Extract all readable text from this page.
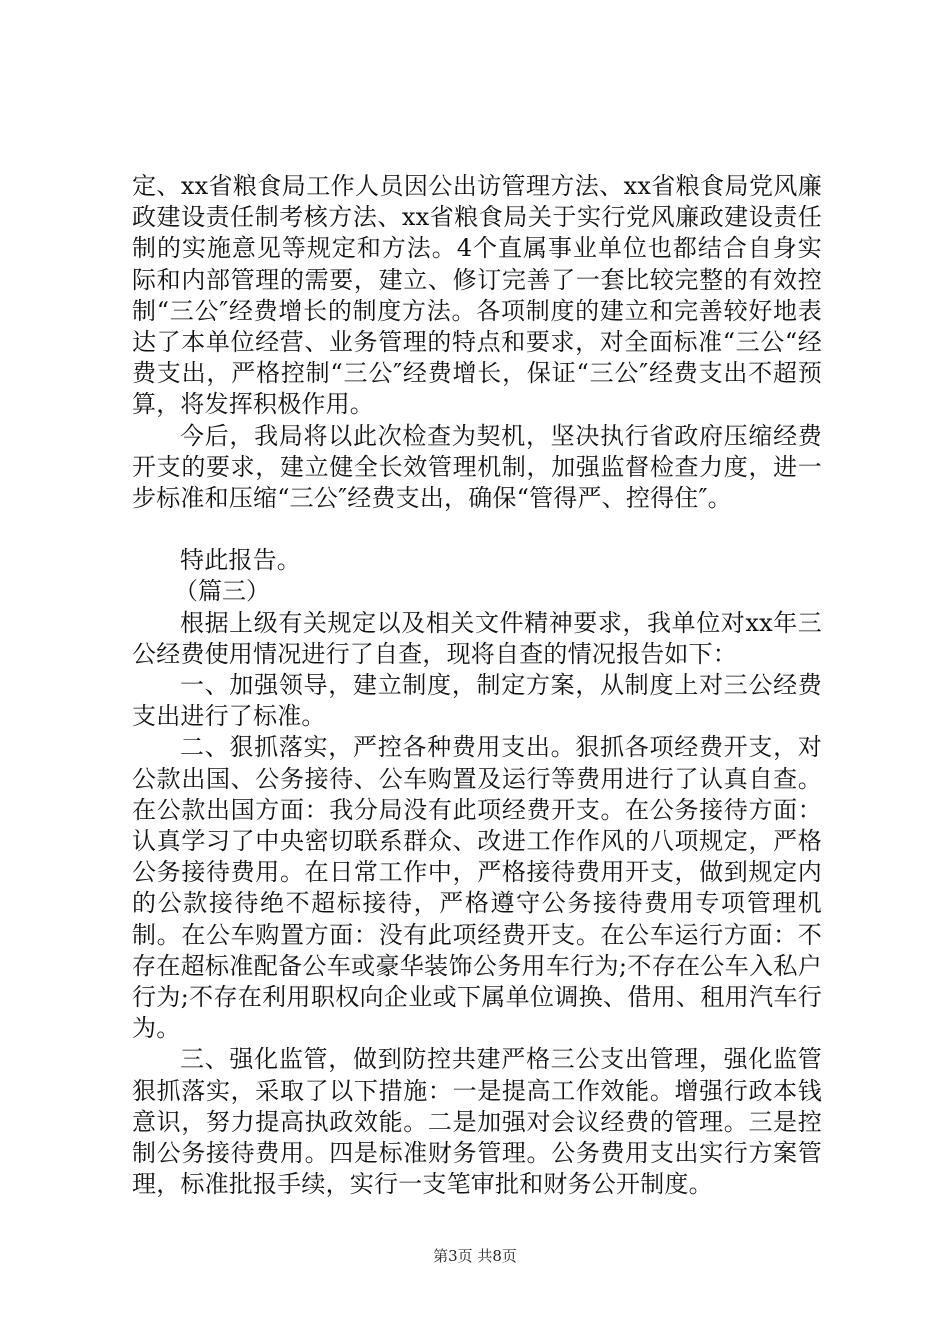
定、xx省粮食局工作人员因公出访管理方法、xx省粮食局党风廉政建设责任制考核方法、xx省粮食局关于实行党风廉政建设责任制的实施意见等规定和方法。4个直属事业单位也都结合自身实际和内部管理的需要，建立、修订完善了一套比较完整的有效控制“三公″经费增长的制度方法。各项制度的建立和完善较好地表达了本单位经营、业务管理的特点和要求，对全面标准“三公“经费支出，严格控制“三公″经费增长，保证“三公″经费支出不超预算，将发挥积极作用。

今后，我局将以此次检查为契机，坚决执行省政府压缩经费开支的要求，建立健全长效管理机制，加强监督检查力度，进一步标准和压缩“三公″经费支出，确保“管得严、控得住″。

特此报告。

（篇三）

根据上级有关规定以及相关文件精神要求，我单位对xx年三公经费使用情况进行了自查，现将自查的情况报告如下：

一、加强领导，建立制度，制定方案，从制度上对三公经费支出进行了标准。

二、狠抓落实，严控各种费用支出。狠抓各项经费开支，对公款出国、公务接待、公车购置及运行等费用进行了认真自查。在公款出国方面：我分局没有此项经费开支。在公务接待方面：认真学习了中央密切联系群众、改进工作作风的八项规定，严格公务接待费用。在日常工作中，严格接待费用开支，做到规定内的公款接待绝不超标接待，严格遵守公务接待费用专项管理机制。在公车购置方面：没有此项经费开支。在公车运行方面：不存在超标准配备公车或豪华装饰公务用车行为;不存在公车入私户行为;不存在利用职权向企业或下属单位调换、借用、租用汽车行为。

三、强化监管，做到防控共建严格三公支出管理，强化监管狠抓落实，采取了以下措施：一是提高工作效能。增强行政本钱意识，努力提高执政效能。二是加强对会议经费的管理。三是控制公务接待费用。四是标准财务管理。公务费用支出实行方案管理，标准批报手续，实行一支笔审批和财务公开制度。

第3页 共8页
